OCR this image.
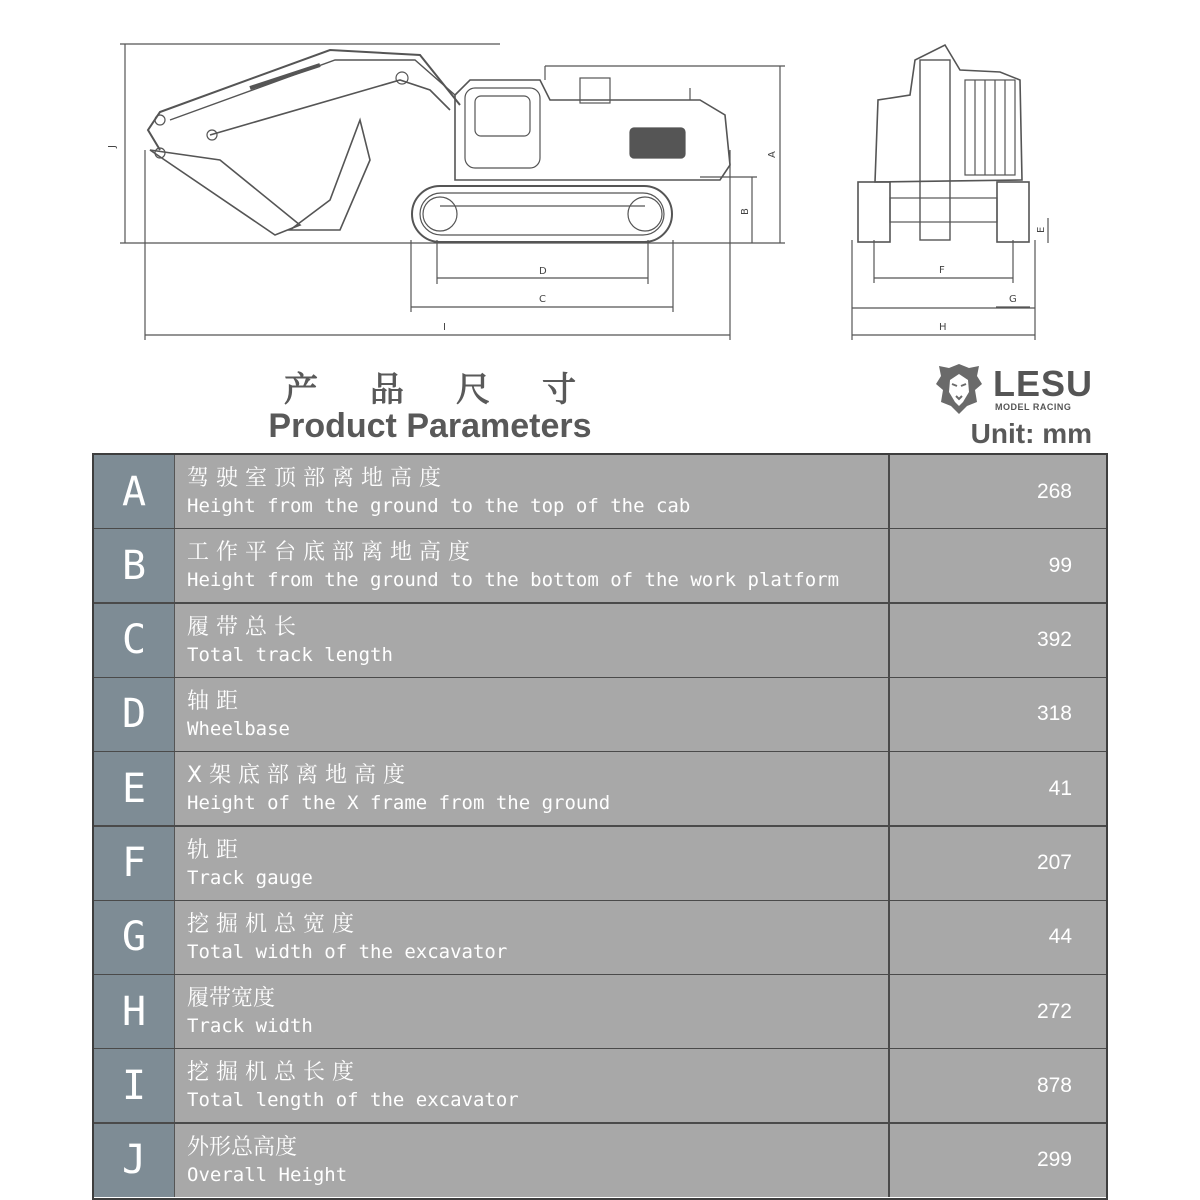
J
A
B
D
C
I
F
G
H
E
产品尺寸
Product Parameters
LESU
MODEL RACING
Unit: mm
A	驾 驶 室 顶 部 离 地 高 度
Height from the ground to the top of the cab
268
B	工 作 平 台 底 部 离 地 高 度
Height from the ground to the bottom of the work platform
99
C	履 带 总 长
Total track length
392
D	轴 距
Wheelbase
318
E	X 架 底 部 离 地 高 度
Height of the X frame from the ground
41
F	轨 距
Track gauge
207
G	挖 掘 机 总 宽 度
Total width of the excavator
44
H	履带宽度
Track width
272
I	挖 掘 机 总 长 度
Total length of the excavator
878
J	外形总高度
Overall Height
299
